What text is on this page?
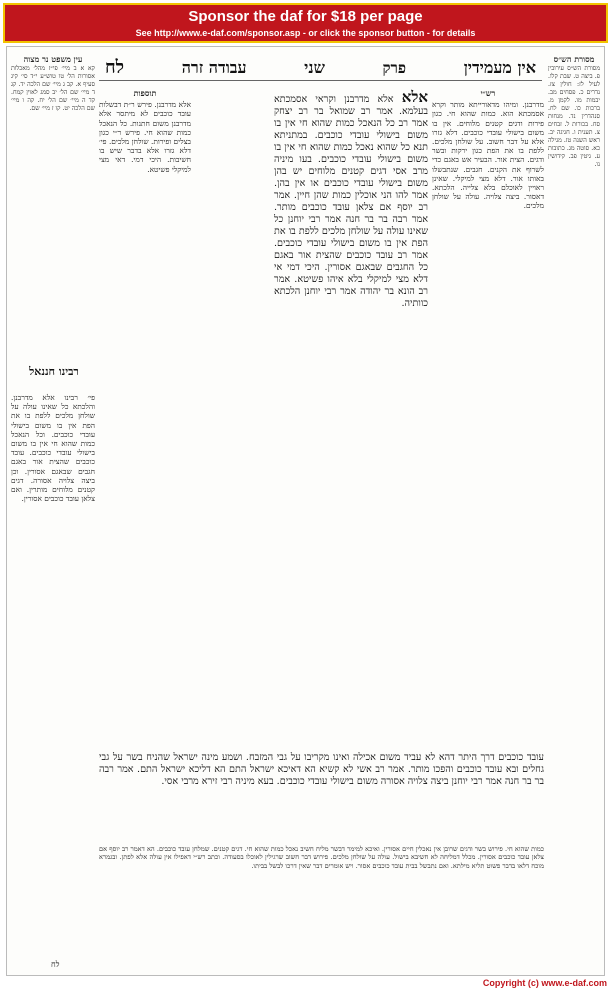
Sponsor the daf for $18 per page
See http://www.e-daf.com/sponsor.asp - or click the sponsor button - for details
אין מעמידין
פרק
שני
עבודה זרה
לח	מסורת הש״ס
מסורת הש״ס עירובין פ. ביצה ט. שבת קלו. לעיל לז: חולין צז. נדרים כ. פסחים מב. יבמות מו. לקמן מ. ברכות כו. שם לח. סנהדרין נד. מנחות סח. בכורות ל. זבחים צ. תענית ו. חגיגה יב. ראש השנה טז. מגילה כא. סוטה מג. כתובות ע. גיטין פב. קידושין נו.
עין משפט נר מצוה
קא א ב מיי׳ פי״ז מהל׳ מאכלות אסורות הל׳ טו טוש״ע י״ד סי׳ קיג סעיף א. קב ג מיי׳ שם הלכה יד. קג ד מיי׳ שם הל׳ יב סמג לאוין קמח. קד ה מיי׳ שם הל׳ יח. קה ו מיי׳ שם הלכה יט. קו ז מיי׳ שם.
רש״י
מדרבנן. ומיהו מדאורייתא מותר וקרא אסמכתא הוא. כמות שהוא חי. כגון פירות ודגים קטנים מלוחים. אין בו משום בישולי עובדי כוכבים. דלא גזרו אלא על דבר חשוב. על שולחן מלכים. ללפת בו את הפת כגון ירקות ובשר ודגים. הצית אור. הבעיר אש באגם כדי לשרוף את הקנים. חגבים. שנתבשלו באותו אור. דלא מצי למיקלי. שאינן ראויין לאוכלם בלא צלייה. הלכתא. דאסור. ביצה צלויה. עולה על שולחן מלכים.
אלא אלא מדרבנן וקראי אסמכתא בעלמא. אמר רב שמואל בר רב יצחק אמר רב כל הנאכל כמות שהוא חי אין בו משום בישולי עובדי כוכבים. במתניתא תנא כל שהוא נאכל כמות שהוא חי אין בו משום בישולי עובדי כוכבים. בעו מיניה מרב אסי דגים קטנים מלוחים יש בהן משום בישולי עובדי כוכבים או אין בהן. אמר להו הני אוכלין כמות שהן חיין. אמר רב יוסף אם צלאן עובד כוכבים מותר. אמר רבה בר בר חנה אמר רבי יוחנן כל שאינו עולה על שולחן מלכים ללפת בו את הפת אין בו משום בישולי עובדי כוכבים. אמר רב עובד כוכבים שהצית אור באגם כל החגבים שבאגם אסורין. היכי דמי אי דלא מצי למיקלי בלא איהו פשיטא. אמר רב הונא בר יהודה אמר רבי יוחנן הלכתא כוותיה.
תוספות
אלא מדרבנן. פירש ר״ת דבשלות עובד כוכבים לא מיתסר אלא מדרבנן משום חתנות. כל הנאכל כמות שהוא חי. פירש ר״י כגון בצלים ופירות. שולחן מלכים. פי׳ דלא גזרו אלא בדבר שיש בו חשיבות. היכי דמי. דאי מצי למיקלי פשיטא.
רבינו חננאל
פי׳ רבינו אלא מדרבנן. והלכתא כל שאינו עולה על שולחן מלכים ללפת בו את הפת אין בו משום בישולי עובדי כוכבים. וכל הנאכל כמות שהוא חי אין בו משום בישולי עובדי כוכבים. עובד כוכבים שהצית אור באגם חגבים שבאגם אסורין. וכן ביצה צלויה אסורה. דגים קטנים מלוחים מותרין. ואם צלאן עובד כוכבים אסורין.
עובד כוכבים דרך היתר דהא לא עביד משום אכילה ואינו מקריבו על גבי המזבח. ושמע מינה ישראל שהניח בשר על גבי גחלים ובא עובד כוכבים והפכו מותר. אמר רב אשי לא קשיא הא דאיכא ישראל התם הא דליכא ישראל התם. אמר רבה בר בר חנה אמר רבי יוחנן ביצה צלויה אסורה משום בישולי עובדי כוכבים. בעא מיניה רבי זירא מרבי אסי.
כמות שהוא חי. פירוש בשר ודגים שרובן אין נאכלין חיים אסורין. ואיכא למימר דבשר מליח חשיב נאכל כמות שהוא חי. דגים קטנים. שמלחן עובד כוכבים. הא דאמר רב יוסף אם צלאן עובד כוכבים אסורין. מכלל דמליחה לא חשיבא בישול. עולה על שולחן מלכים. פירוש דבר חשוב שרגילין לאוכלו בסעודה. וכתב רש״י דאפילו אין עולה אלא לפתן. ובגמרא מוכח דלאו בדבר פשוט תליא מילתא. ואם נתבשל בבית עובד כוכבים אסור. ויש אומרים דבר שאין דרכו לבשל בביתו.
לח
Copyright (c) www.e-daf.com
